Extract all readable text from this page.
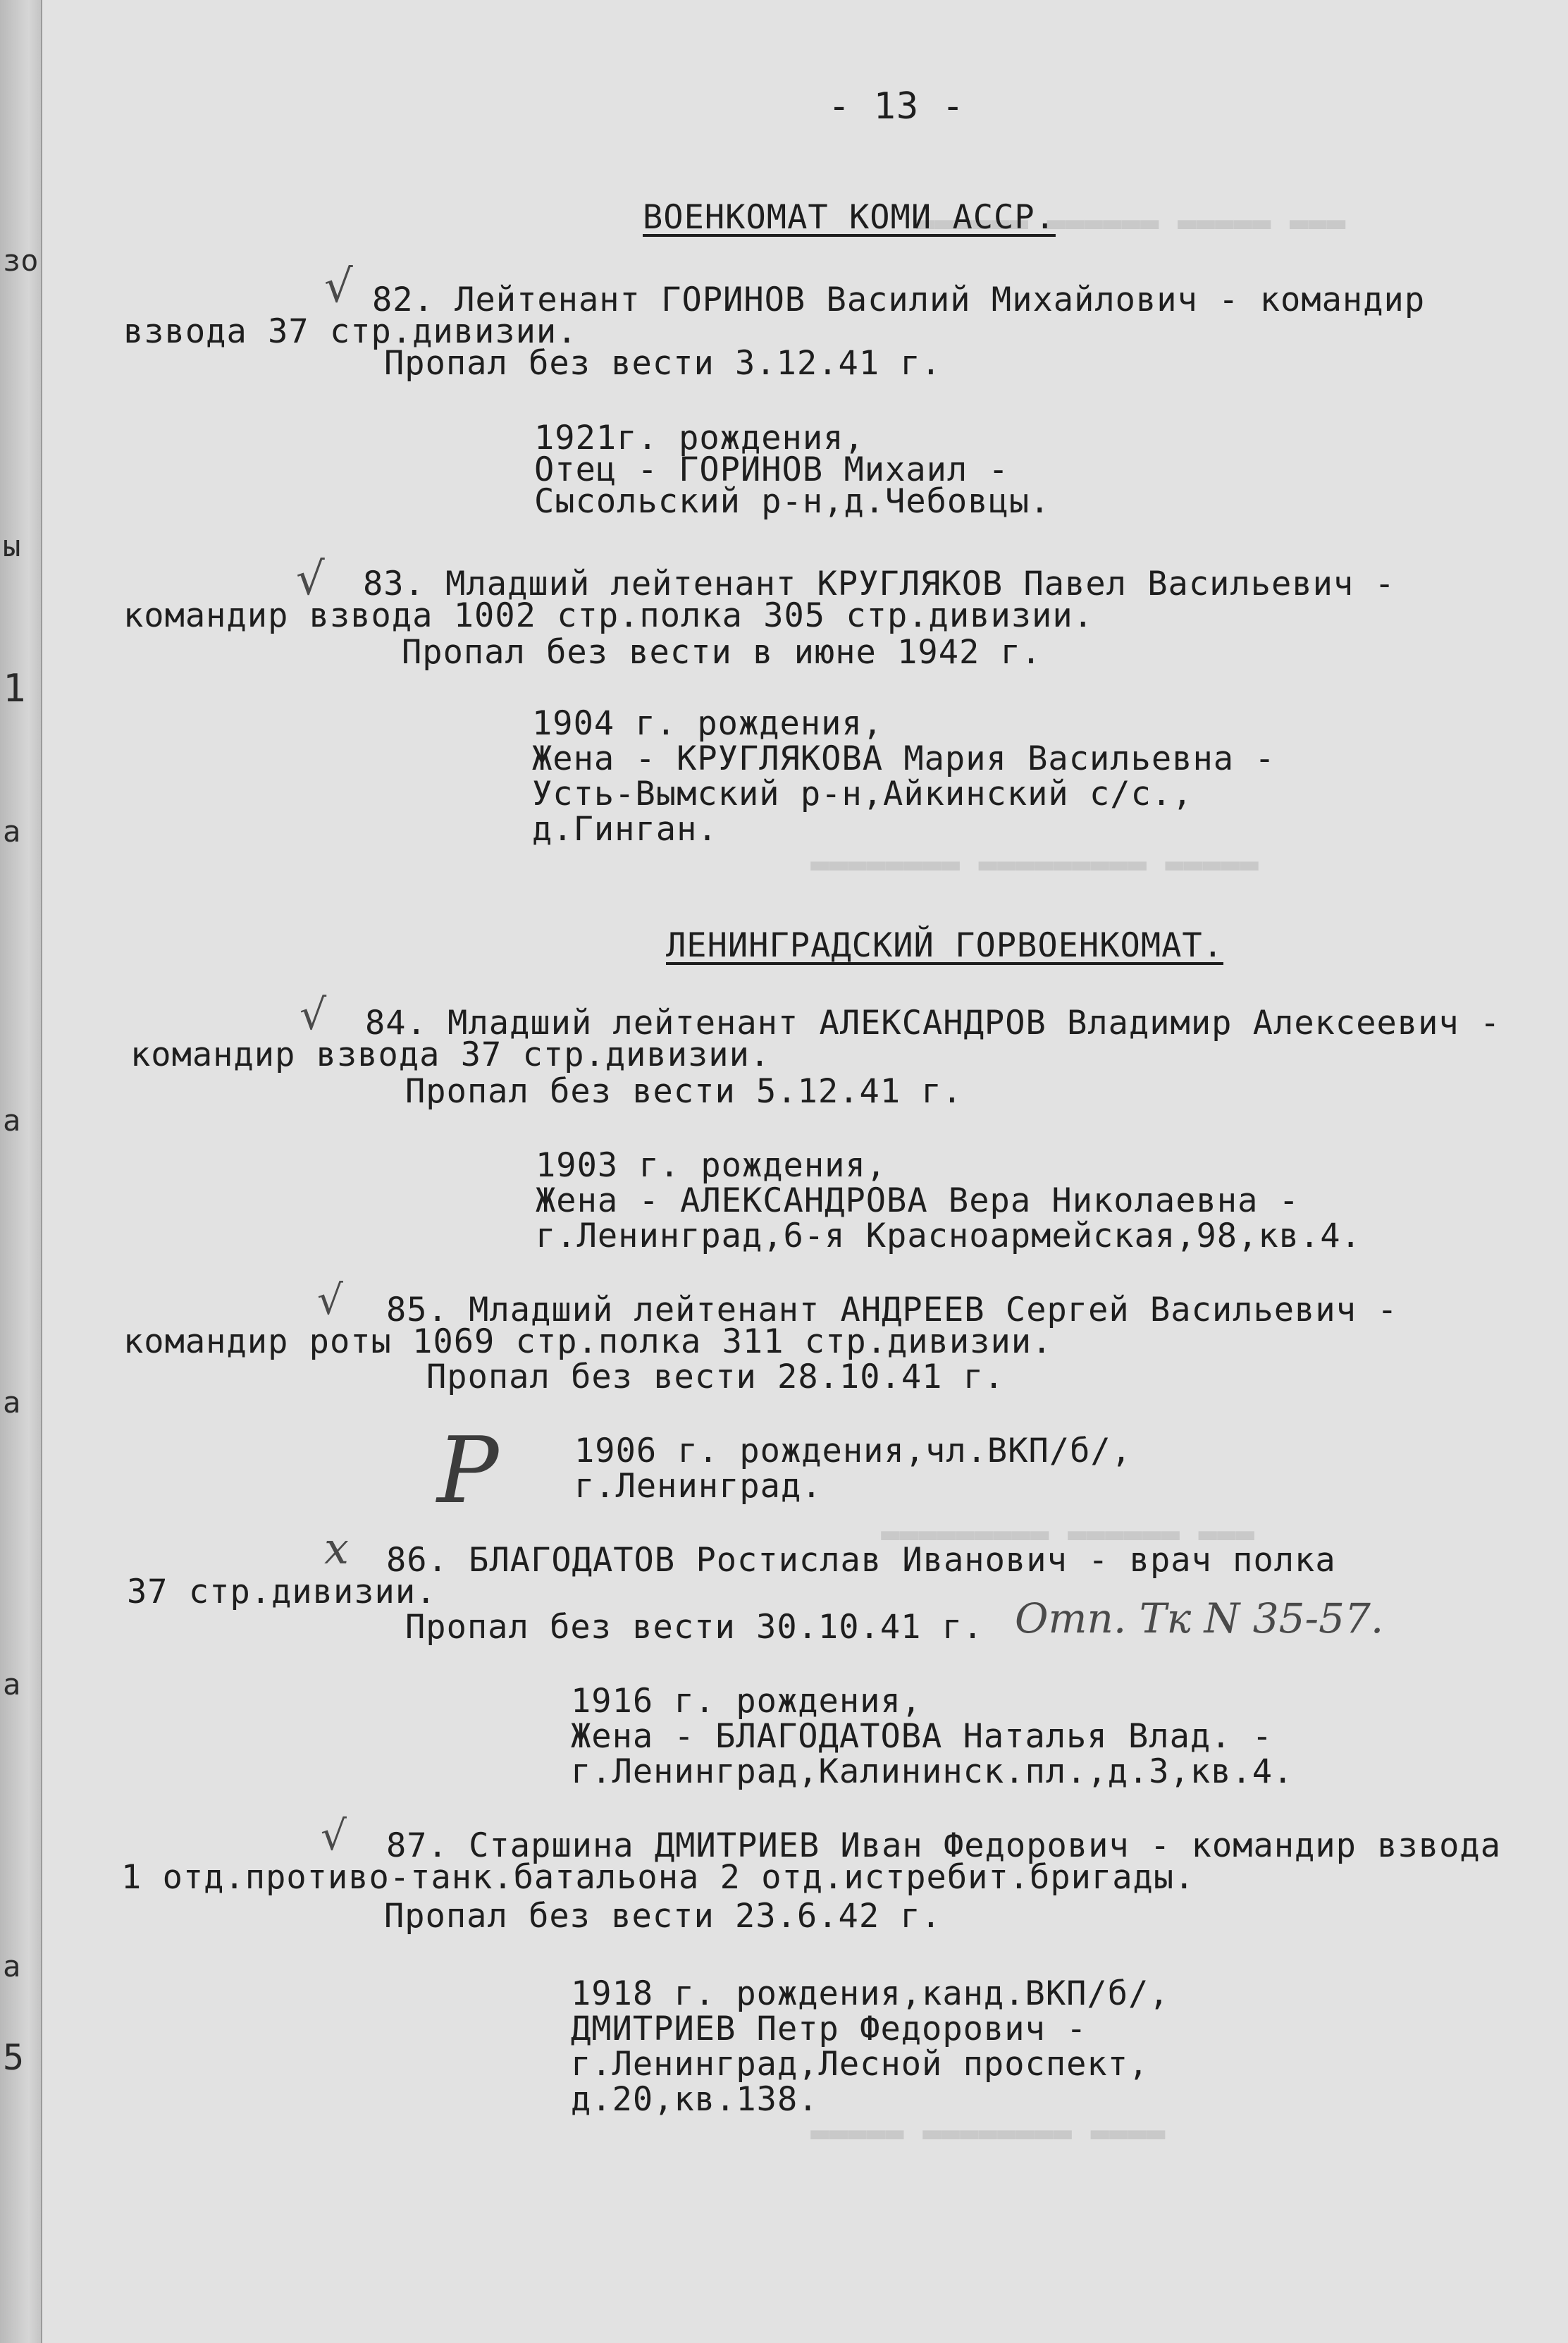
зо
ы
1
а
а
а
а
а
5
▬▬▬ ▬▬▬▬▬ ▬▬▬▬▬▬ ▬▬▬▬▬▬
▬▬▬▬▬ ▬▬▬▬▬▬▬▬▬ ▬▬▬▬▬▬▬▬
▬▬▬ ▬▬▬▬▬▬ ▬▬▬▬▬▬▬▬▬
▬▬▬▬ ▬▬▬▬▬▬▬▬ ▬▬▬▬▬
- 13 -
ВОЕНКОМАТ КОМИ АССР.
√ 82. Лейтенант ГОРИНОВ Василий Михайлович - командир
взвода 37 стр.дивизии.
Пропал без вести 3.12.41 г.
1921г. рождения,
Отец - ГОРИНОВ Михаил -
Сысольский р-н,д.Чебовцы.
√ 83. Младший лейтенант КРУГЛЯКОВ Павел Васильевич -
командир взвода 1002 стр.полка 305 стр.дивизии.
Пропал без вести в июне 1942 г.
1904 г. рождения,
Жена - КРУГЛЯКОВА Мария Васильевна -
Усть-Вымский р-н,Айкинский с/с.,
д.Гинган.
ЛЕНИНГРАДСКИЙ ГОРВОЕНКОМАТ.
√ 84. Младший лейтенант АЛЕКСАНДРОВ Владимир Алексеевич -
командир взвода 37 стр.дивизии.
Пропал без вести 5.12.41 г.
1903 г. рождения,
Жена - АЛЕКСАНДРОВА Вера Николаевна -
г.Ленинград,6-я Красноармейская,98,кв.4.
√ 85. Младший лейтенант АНДРЕЕВ Сергей Васильевич -
командир роты 1069 стр.полка 311 стр.дивизии.
Пропал без вести 28.10.41 г.
1906 г. рождения,чл.ВКП/б/,
г.Ленинград.
Р
х 86. БЛАГОДАТОВ Ростислав Иванович - врач полка
37 стр.дивизии.
Пропал без вести 30.10.41 г. Отп. Тк N 35-57.
1916 г. рождения,
Жена - БЛАГОДАТОВА Наталья Влад. -
г.Ленинград,Калининск.пл.,д.3,кв.4.
√ 87. Старшина ДМИТРИЕВ Иван Федорович - командир взвода
1 отд.противо-танк.батальона 2 отд.истребит.бригады.
Пропал без вести 23.6.42 г.
1918 г. рождения,канд.ВКП/б/,
ДМИТРИЕВ Петр Федорович -
г.Ленинград,Лесной проспект,
д.20,кв.138.
